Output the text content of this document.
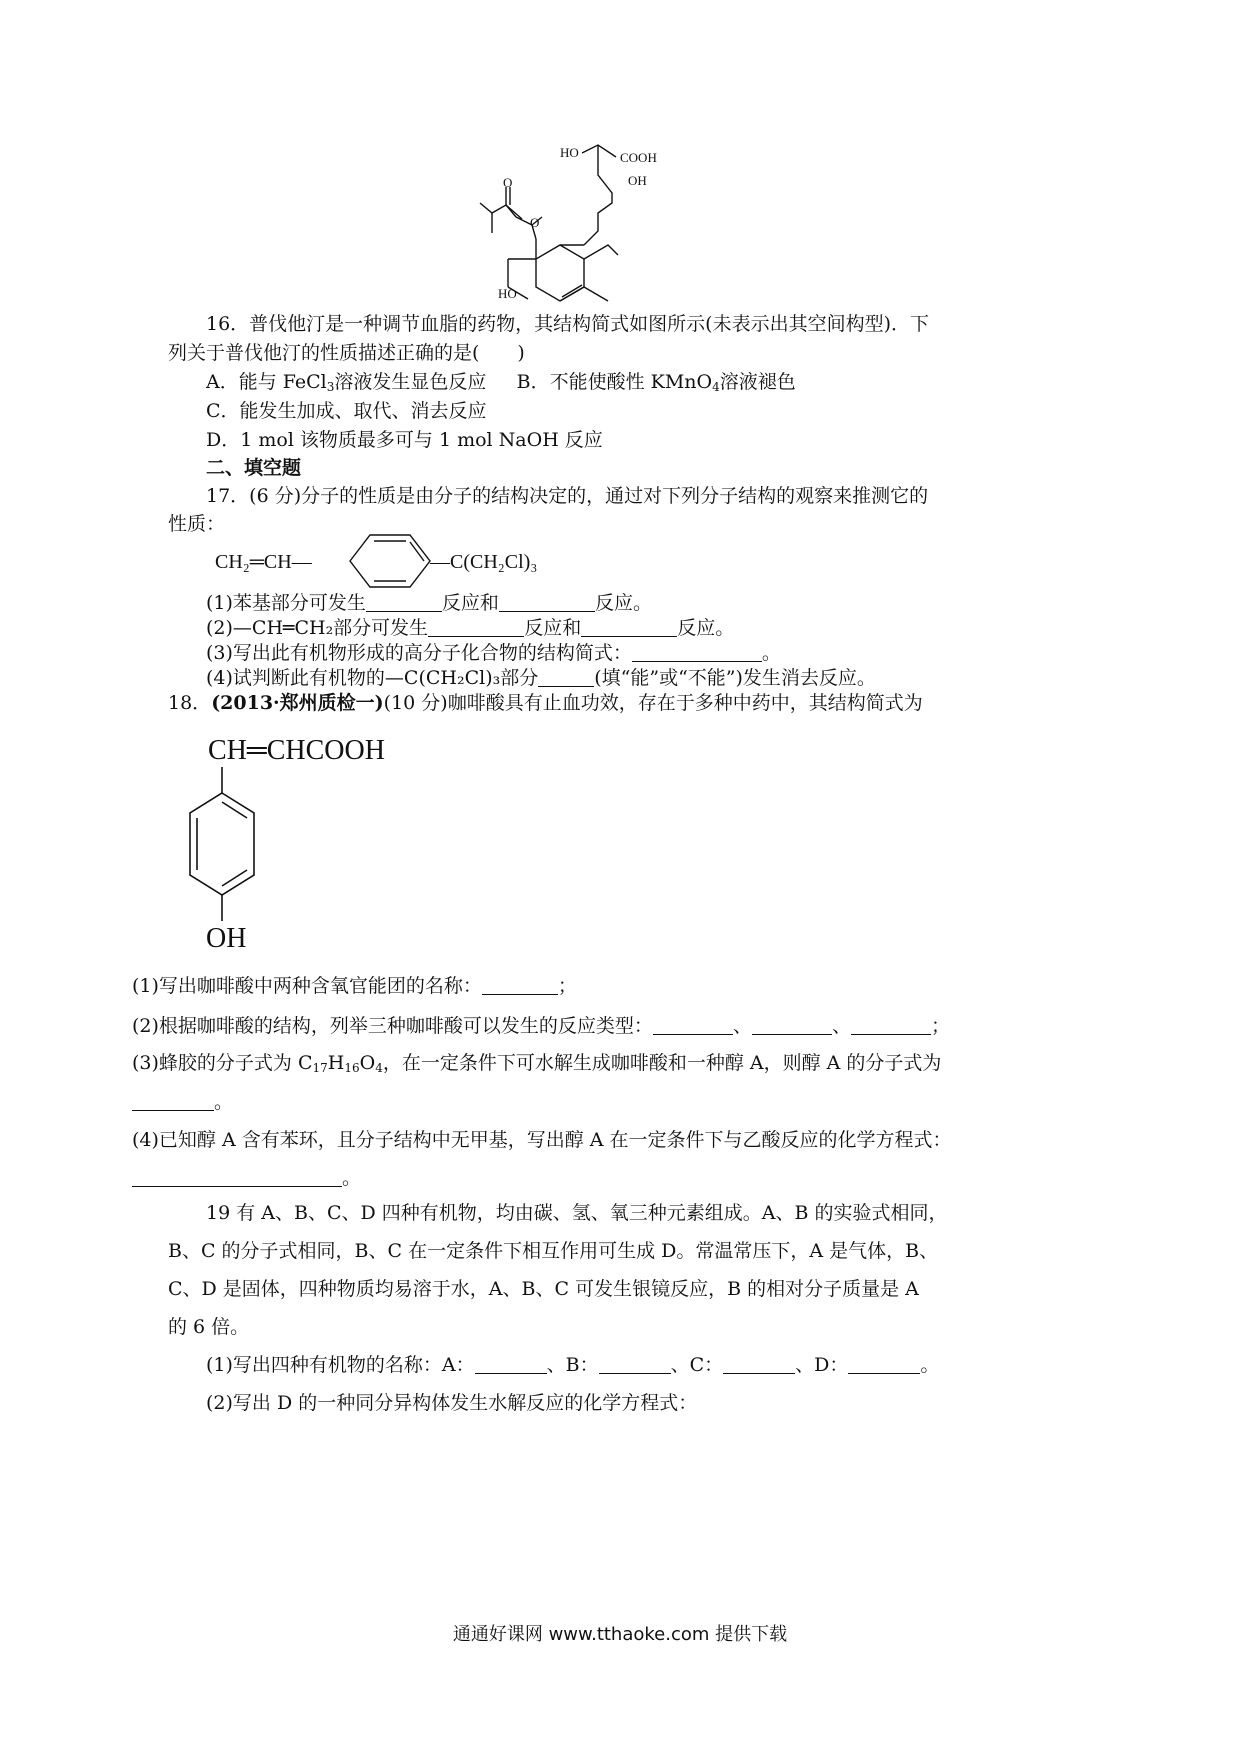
HO	COOH
OH
O
O
HO
16．普伐他汀是一种调节血脂的药物，其结构简式如图所示(未表示出其空间构型)．下
列关于普伐他汀的性质描述正确的是(　　)
A．能与 FeCl$_3$溶液发生显色反应 B．不能使酸性 KMnO$_4$溶液褪色
C．能发生加成、取代、消去反应
D．1 mol 该物质最多可与 1 mol NaOH 反应
二、填空题
17．(6 分)分子的性质是由分子的结构决定的，通过对下列分子结构的观察来推测它的
性质：
CH₂═CH—	—C(CH₂Cl)₃
(1)苯基部分可发生	反应和	反应。
(2)—CH═CH₂部分可发生	反应和	反应。
(3)写出此有机物形成的高分子化合物的结构简式：	。
(4)试判断此有机物的—C(CH₂Cl)₃部分	(填“能”或“不能”)发生消去反应。
18．(2013·郑州质检一)(10 分)咖啡酸具有止血功效，存在于多种中药中，其结构简式为
CH═CHCOOH
OH
(1)写出咖啡酸中两种含氧官能团的名称：	；
(2)根据咖啡酸的结构，列举三种咖啡酸可以发生的反应类型：	、	、	；
(3)蜂胶的分子式为 $C_{17}H_{16}O_4$，在一定条件下可水解生成咖啡酸和一种醇 A，则醇 A 的分子式为
。
(4)已知醇 A 含有苯环，且分子结构中无甲基，写出醇 A 在一定条件下与乙酸反应的化学方程式：
。
19 有 A、B、C、D 四种有机物，均由碳、氢、氧三种元素组成。A、B 的实验式相同，
B、C 的分子式相同，B、C 在一定条件下相互作用可生成 D。常温常压下，A 是气体，B、
C、D 是固体，四种物质均易溶于水，A、B、C 可发生银镜反应，B 的相对分子质量是 A
的 6 倍。
(1)写出四种有机物的名称：A：	、B：	、C：	、D：	。
(2)写出 D 的一种同分异构体发生水解反应的化学方程式：
通通好课网 www.tthaoke.com 提供下载
